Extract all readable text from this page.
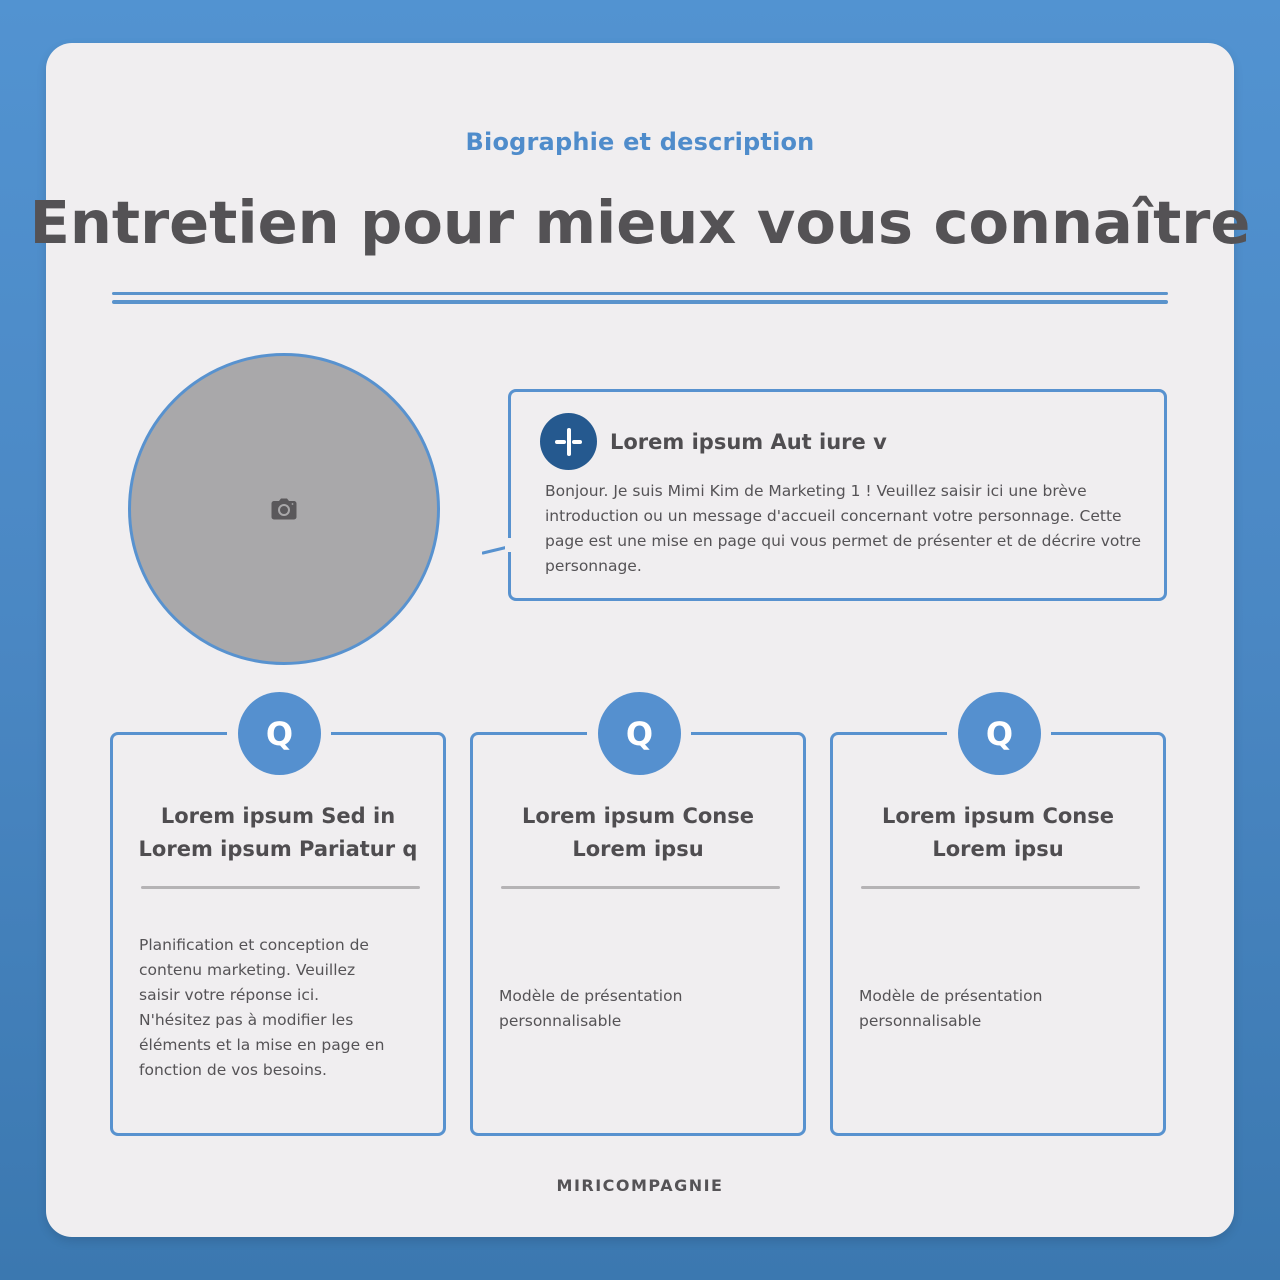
Biographie et description
Entretien pour mieux vous connaître
Lorem ipsum Aut iure v
Bonjour. Je suis Mimi Kim de Marketing 1 ! Veuillez saisir ici une brève introduction ou un message d'accueil concernant votre personnage. Cette page est une mise en page qui vous permet de présenter et de décrire votre personnage.
Q
Lorem ipsum Sed in
Lorem ipsum Pariatur q
Planification et conception de contenu marketing. Veuillez saisir votre réponse ici. N'hésitez pas à modifier les éléments et la mise en page en fonction de vos besoins.
Q
Lorem ipsum Conse
Lorem ipsu
Modèle de présentation personnalisable
Q
Lorem ipsum Conse
Lorem ipsu
Modèle de présentation personnalisable
MIRICOMPAGNIE
